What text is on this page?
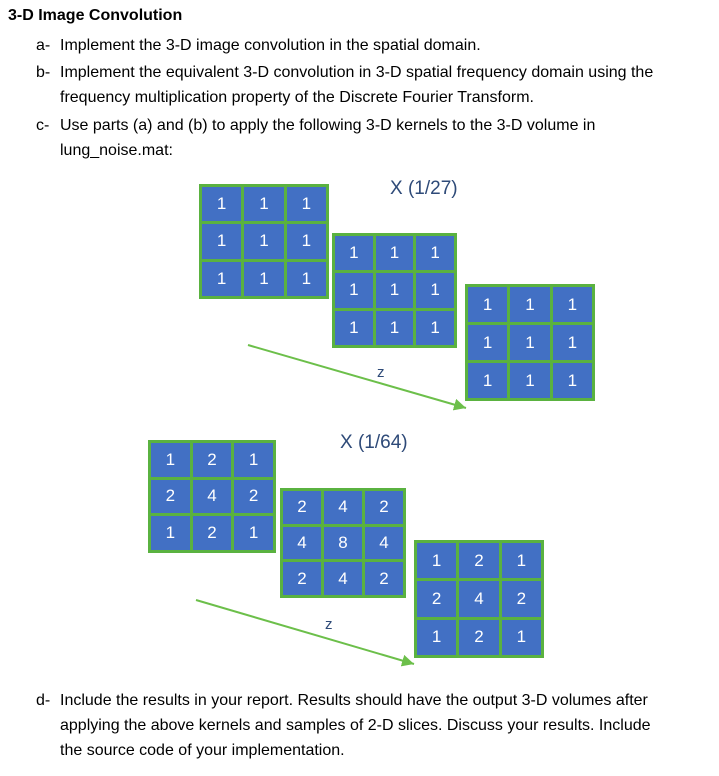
3-D Image Convolution
a- Implement the 3-D image convolution in the spatial domain.
b- Implement the equivalent 3-D convolution in 3-D spatial frequency domain using the
frequency multiplication property of the Discrete Fourier Transform.
c- Use parts (a) and (b) to apply the following 3-D kernels to the 3-D volume in
lung_noise.mat:
X (1/27)
1	1	1
1	1	1
1	1	1
1	1	1
1	1	1
1	1	1
1	1	1
1	1	1
1	1	1
z
X (1/64)
1	2	1
2	4	2
1	2	1
2	4	2
4	8	4
2	4	2
1	2	1
2	4	2
1	2	1
z
d- Include the results in your report. Results should have the output 3-D volumes after
applying the above kernels and samples of 2-D slices. Discuss your results. Include
the source code of your implementation.
